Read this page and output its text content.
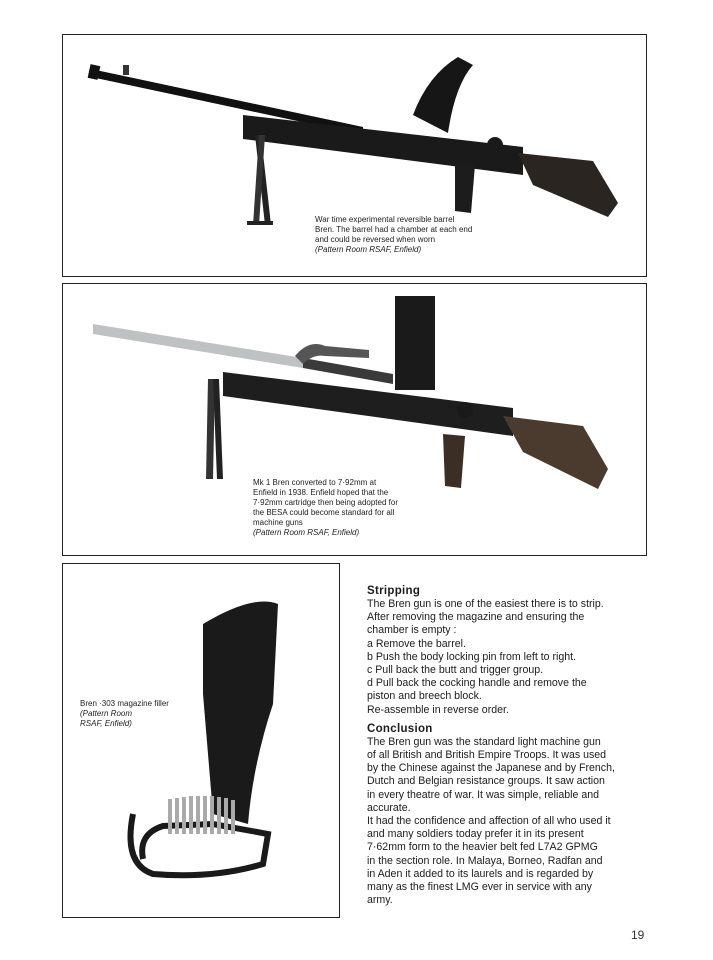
War time experimental reversible barrel
Bren. The barrel had a chamber at each end
and could be reversed when worn
(Pattern Room RSAF, Enfield)
Mk 1 Bren converted to 7·92mm at
Enfield in 1938. Enfield hoped that the
7·92mm cartridge then being adopted for
the BESA could become standard for all
machine guns
(Pattern Room RSAF, Enfield)
Bren ·303 magazine filler
(Pattern Room
RSAF, Enfield)
Stripping

The Bren gun is one of the easiest there is to strip.

After removing the magazine and ensuring the

chamber is empty :

a Remove the barrel.

b Push the body locking pin from left to right.

c Pull back the butt and trigger group.

d Pull back the cocking handle and remove the

piston and breech block.

Re-assemble in reverse order.

Conclusion

The Bren gun was the standard light machine gun

of all British and British Empire Troops. It was used

by the Chinese against the Japanese and by French,

Dutch and Belgian resistance groups. It saw action

in every theatre of war. It was simple, reliable and

accurate.

It had the confidence and affection of all who used it

and many soldiers today prefer it in its present

7·62mm form to the heavier belt fed L7A2 GPMG

in the section role. In Malaya, Borneo, Radfan and

in Aden it added to its laurels and is regarded by

many as the finest LMG ever in service with any

army.

19
